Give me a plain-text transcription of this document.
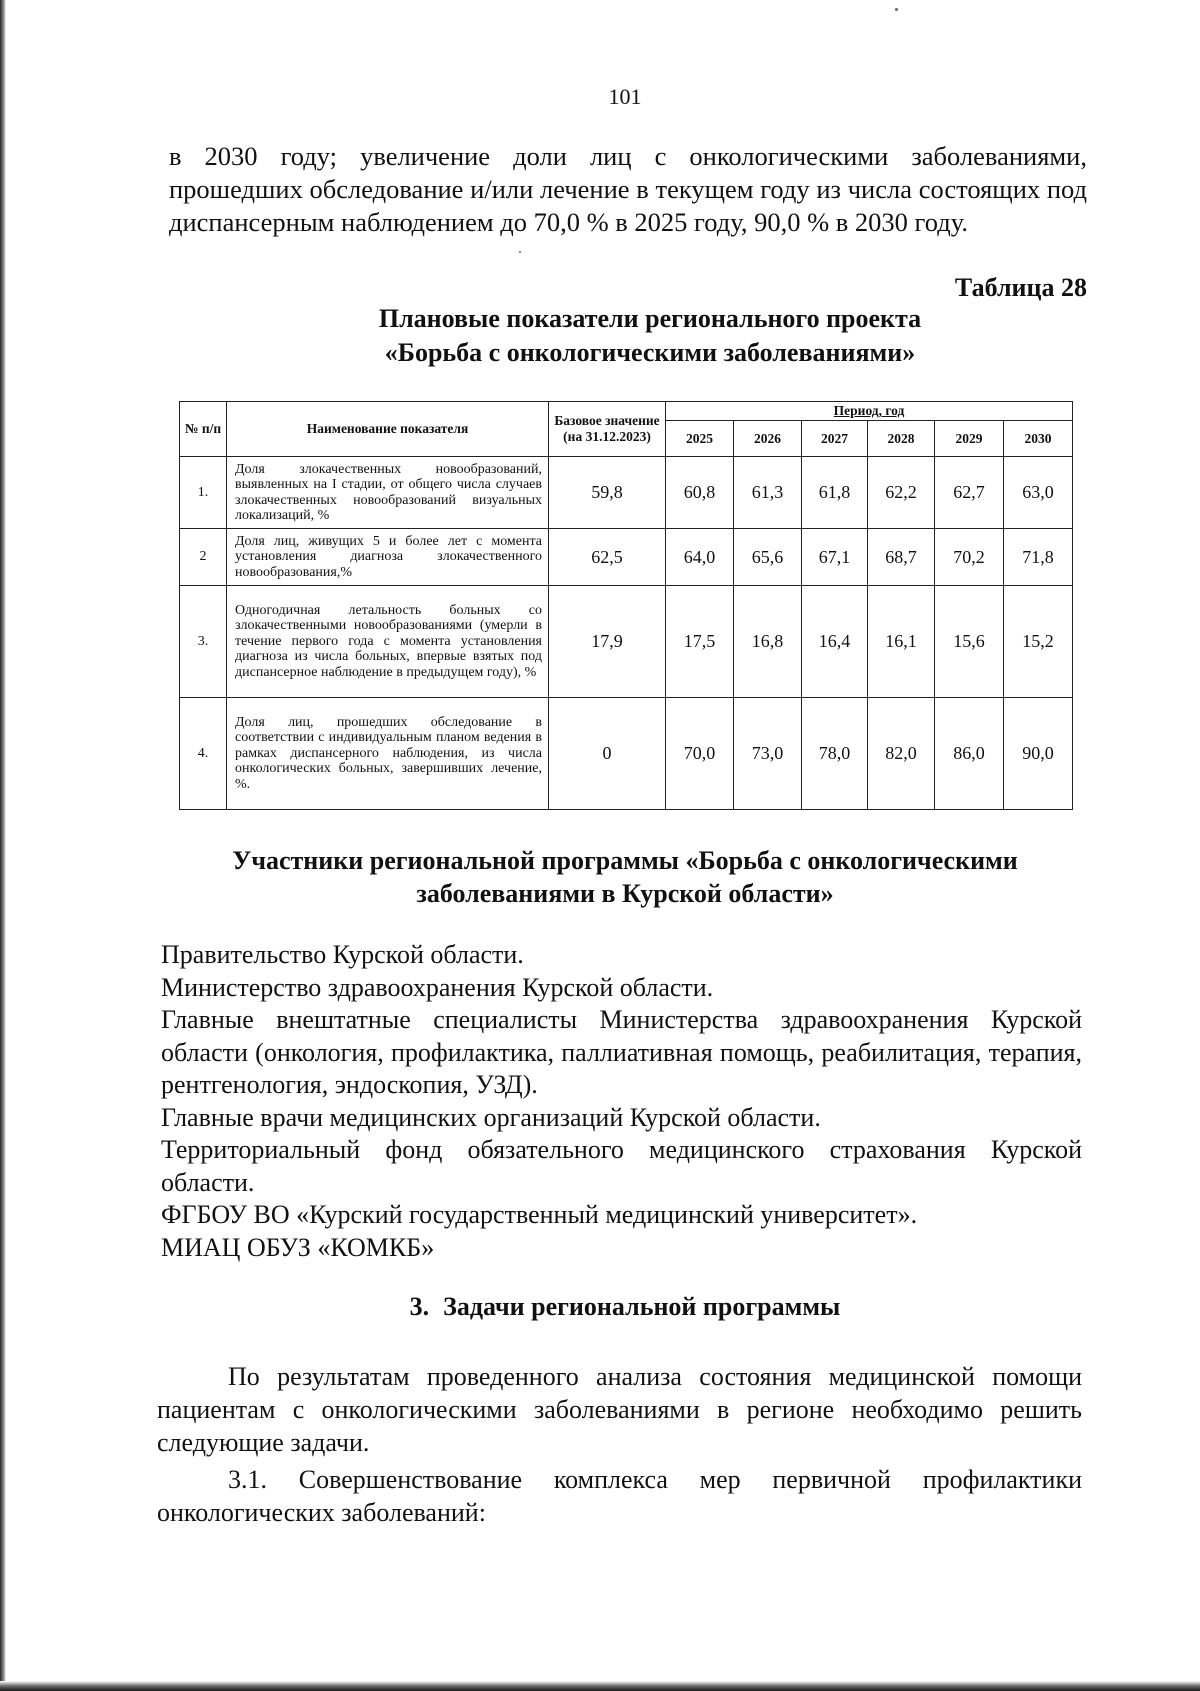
101
в 2030 году; увеличение доли лиц с онкологическими заболеваниями, прошедших обследование и/или лечение в текущем году из числа состоящих под диспансерным наблюдением до 70,0 % в 2025 году, 90,0 % в 2030 году.
Таблица 28
Плановые показатели регионального проекта
«Борьба с онкологическими заболеваниями»
№ п/п	Наименование показателя	Базовое значение (на 31.12.2023)	Период, год					
			2025	2026	2027	2028	2029	2030
1.	Доля злокачественных новообразований, выявленных на I стадии, от общего числа случаев злокачественных новообразований визуальных локализаций, %	59,8	60,8	61,3	61,8	62,2	62,7	63,0
2	Доля лиц, живущих 5 и более лет с момента установления диагноза злокачественного новообразования,%	62,5	64,0	65,6	67,1	68,7	70,2	71,8
3.	Одногодичная летальность больных со злокачественными новообразованиями (умерли в течение первого года с момента установления диагноза из числа больных, впервые взятых под диспансерное наблюдение в предыдущем году), %	17,9	17,5	16,8	16,4	16,1	15,6	15,2
4.	Доля лиц, прошедших обследование в соответствии с индивидуальным планом ведения в рамках диспансерного наблюдения, из числа онкологических больных, завершивших лечение, %.	0	70,0	73,0	78,0	82,0	86,0	90,0
Участники региональной программы «Борьба с онкологическими
заболеваниями в Курской области»

Правительство Курской области.

Министерство здравоохранения Курской области.

Главные внештатные специалисты Министерства здравоохранения Курской области (онкология, профилактика, паллиативная помощь, реабилитация, терапия, рентгенология, эндоскопия, УЗД).

Главные врачи медицинских организаций Курской области.

Территориальный фонд обязательного медицинского страхования Курской области.

ФГБОУ ВО «Курский государственный медицинский университет».

МИАЦ ОБУЗ «КОМКБ»

3. Задачи региональной программы

По результатам проведенного анализа состояния медицинской помощи пациентам с онкологическими заболеваниями в регионе необходимо решить следующие задачи.

3.1. Совершенствование комплекса мер первичной профилактики онкологических заболеваний:
